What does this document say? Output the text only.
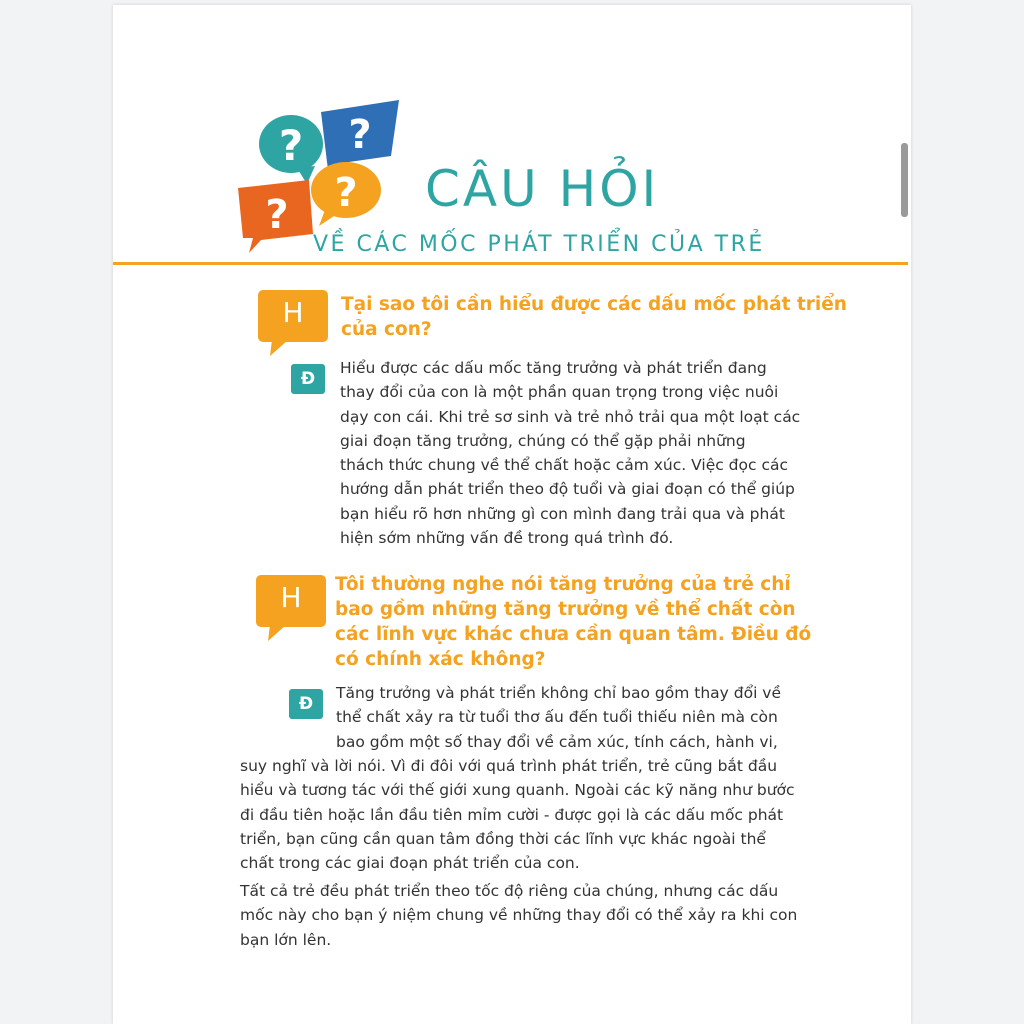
? ?
? ? CÂU HỎI
VỀ CÁC MỐC PHÁT TRIỂN CỦA TRẺ
H	Tại sao tôi cần hiểu được các dấu mốc phát triển
của con?
Đ
Hiểu được các dấu mốc tăng trưởng và phát triển đang
thay đổi của con là một phần quan trọng trong việc nuôi
dạy con cái. Khi trẻ sơ sinh và trẻ nhỏ trải qua một loạt các
giai đoạn tăng trưởng, chúng có thể gặp phải những
thách thức chung về thể chất hoặc cảm xúc. Việc đọc các
hướng dẫn phát triển theo độ tuổi và giai đoạn có thể giúp
bạn hiểu rõ hơn những gì con mình đang trải qua và phát
hiện sớm những vấn đề trong quá trình đó.
H	Tôi thường nghe nói tăng trưởng của trẻ chỉ
bao gồm những tăng trưởng về thể chất còn
các lĩnh vực khác chưa cần quan tâm. Điều đó
có chính xác không?
Đ
Tăng trưởng và phát triển không chỉ bao gồm thay đổi về
thể chất xảy ra từ tuổi thơ ấu đến tuổi thiếu niên mà còn
bao gồm một số thay đổi về cảm xúc, tính cách, hành vi,
suy nghĩ và lời nói. Vì đi đôi với quá trình phát triển, trẻ cũng bắt đầu
hiểu và tương tác với thế giới xung quanh. Ngoài các kỹ năng như bước
đi đầu tiên hoặc lần đầu tiên mỉm cười - được gọi là các dấu mốc phát
triển, bạn cũng cần quan tâm đồng thời các lĩnh vực khác ngoài thể
chất trong các giai đoạn phát triển của con.
Tất cả trẻ đều phát triển theo tốc độ riêng của chúng, nhưng các dấu
mốc này cho bạn ý niệm chung về những thay đổi có thể xảy ra khi con
bạn lớn lên.
